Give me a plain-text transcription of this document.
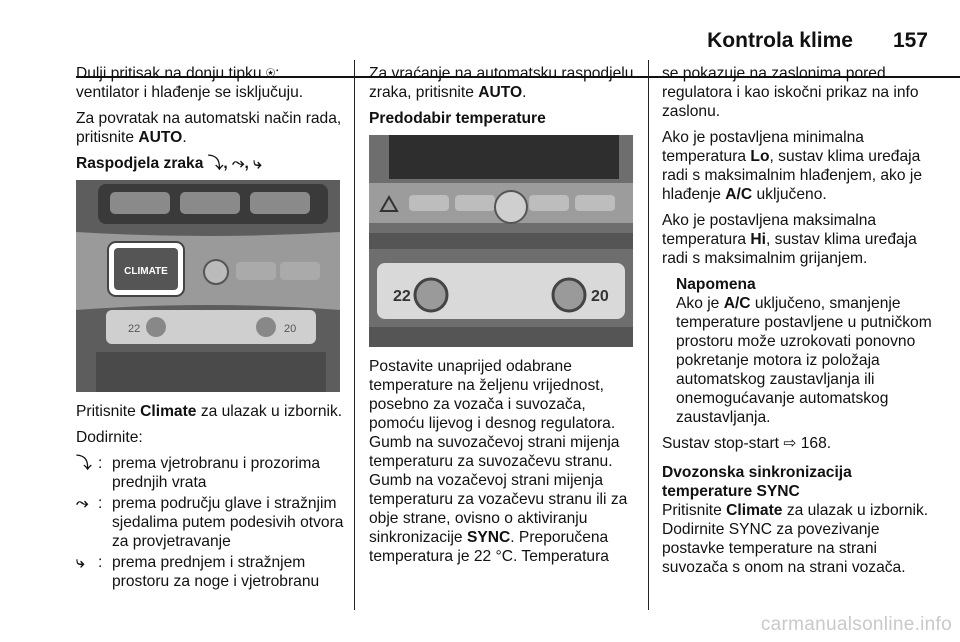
Kontrola klime 157

Dulji pritisak na donju tipku ⍟: ventilator i hlađenje se isključuju.

Za povratak na automatski način rada, pritisnite AUTO.

Raspodjela zraka ⤵, ⤳, ⤷

CLIMATE
22	20

Pritisnite Climate za ulazak u izbornik.

Dodirnite:

⤵ : prema vjetrobranu i prozorima prednjih vrata
⤳ : prema području glave i stražnjim sjedalima putem podesivih otvora za provjetravanje
⤷ : prema prednjem i stražnjem prostoru za noge i vjetrobranu

Za vraćanje na automatsku raspodjelu zraka, pritisnite AUTO.

Predodabir temperature

22	20

Postavite unaprijed odabrane temperature na željenu vrijednost, posebno za vozača i suvozača, pomoću lijevog i desnog regulatora. Gumb na suvozačevoj strani mijenja temperaturu za suvozačevu stranu. Gumb na vozačevoj strani mijenja temperaturu za vozačevu stranu ili za obje strane, ovisno o aktiviranju sinkronizacije SYNC. Preporučena temperatura je 22 °C. Temperatura

se pokazuje na zaslonima pored regulatora i kao iskočni prikaz na info zaslonu.

Ako je postavljena minimalna temperatura Lo, sustav klima uređaja radi s maksimalnim hlađenjem, ako je hlađenje A/C uključeno.

Ako je postavljena maksimalna temperatura Hi, sustav klima uređaja radi s maksimalnim grijanjem.

Napomena
Ako je A/C uključeno, smanjenje temperature postavljene u putničkom prostoru može uzrokovati ponovno pokretanje motora iz položaja automatskog zaustavljanja ili onemogućavanje automatskog zaustavljanja.

Sustav stop-start ⇨ 168.

Dvozonska sinkronizacija temperature SYNC

Pritisnite Climate za ulazak u izbornik. Dodirnite SYNC za povezivanje postavke temperature na strani suvozača s onom na strani vozača.

carmanualsonline.info
